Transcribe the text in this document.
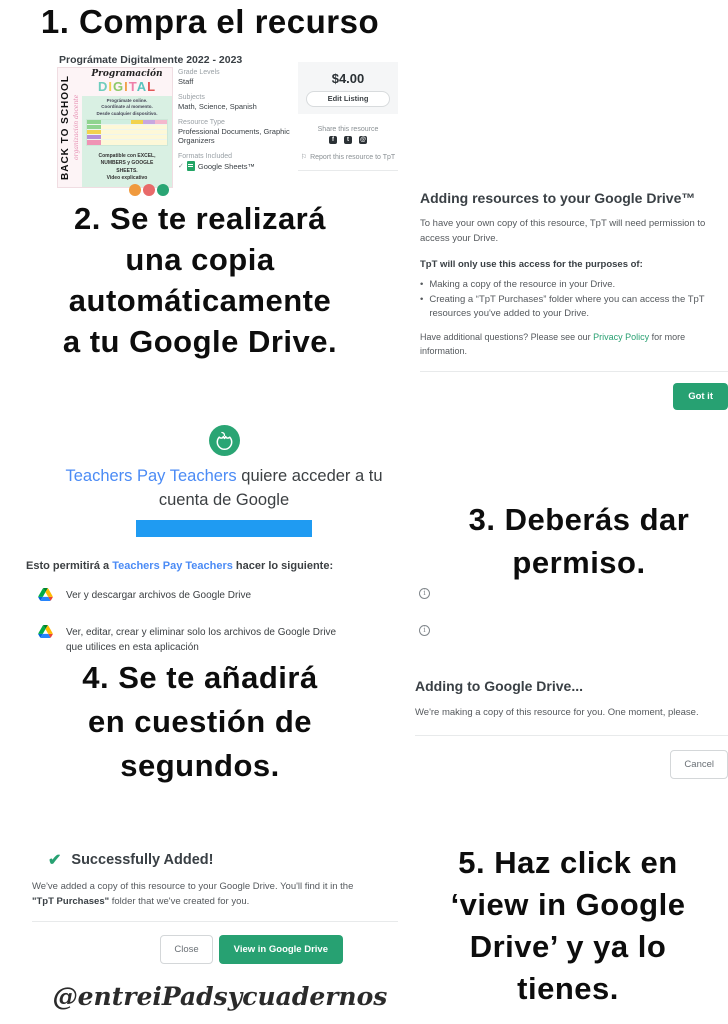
1. Compra el recurso
Prográmate Digitalmente 2022 - 2023
BACK TO SCHOOL organización docente
Programación
DIGITAL
Prográmate online.
Coordínate al momento.
Desde cualquier dispositivo.
Compatible con EXCEL,
NUMBERS y GOOGLE
SHEETS.
Video explicativo
Grade Levels
Staff
Subjects
Math, Science, Spanish
Resource Type
Professional Documents, Graphic Organizers
Formats Included
✓ Google Sheets™
$4.00
Edit Listing
Share this resource
f	t	@
⚐ Report this resource to TpT
2. Se te realizará
una copia
automáticamente
a tu Google Drive.
Adding resources to your Google Drive™
To have your own copy of this resource, TpT will need permission to access your Drive.
TpT will only use this access for the purposes of:
• Making a copy of the resource in your Drive.
• Creating a “TpT Purchases” folder where you can access the TpT resources you've added to your Drive.
Have additional questions? Please see our Privacy Policy for more information.
Got it
Teachers Pay Teachers quiere acceder a tu
cuenta de Google
Esto permitirá a Teachers Pay Teachers hacer lo siguiente:
Ver y descargar archivos de Google Drive	i
Ver, editar, crear y eliminar solo los archivos de Google Drive que utilices en esta aplicación
i
3. Deberás dar
permiso.
4. Se te añadirá
en cuestión de
segundos.
Adding to Google Drive...
We're making a copy of this resource for you. One moment, please.
Cancel
✔ Successfully Added!
We've added a copy of this resource to your Google Drive. You'll find it in the "TpT Purchases" folder that we've created for you.
Close	View in Google Drive
5. Haz click en
‘view in Google
Drive’ y ya lo
tienes.
@entreiPadsycuadernos
